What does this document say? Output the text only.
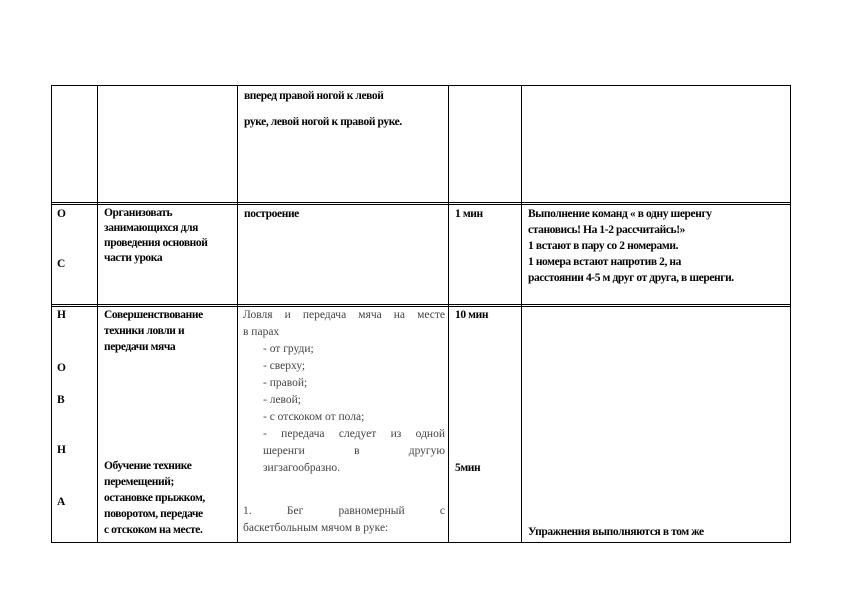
вперед правой ногой к левой
руке, левой ногой к правой руке.
О
С
Организовать
занимающихся для
проведения основной
части урока
построение	1 мин	Выполнение команд « в одну шеренгу
становись! На 1-2 рассчитайсь!»
1 встают в пару со 2 номерами.
1 номера встают напротив 2, на
расстоянии 4-5 м друг от друга, в шеренги.
Н
О
В
Н
А
Совершенствование
техники ловли и
передачи мяча
Обучение технике
перемещений;
остановке прыжком,
поворотом, передаче
с отскоком на месте.
Ловля и передача мяча на месте
в парах
- от груди;
- сверху;
- правой;
- левой;
- с отскоком от пола;
- передача следует из одной
шеренги в другую
зигзагообразно.
1. Бег равномерный с
баскетбольным мячом в руке:
10 мин
5мин
Упражнения выполняются в том же
